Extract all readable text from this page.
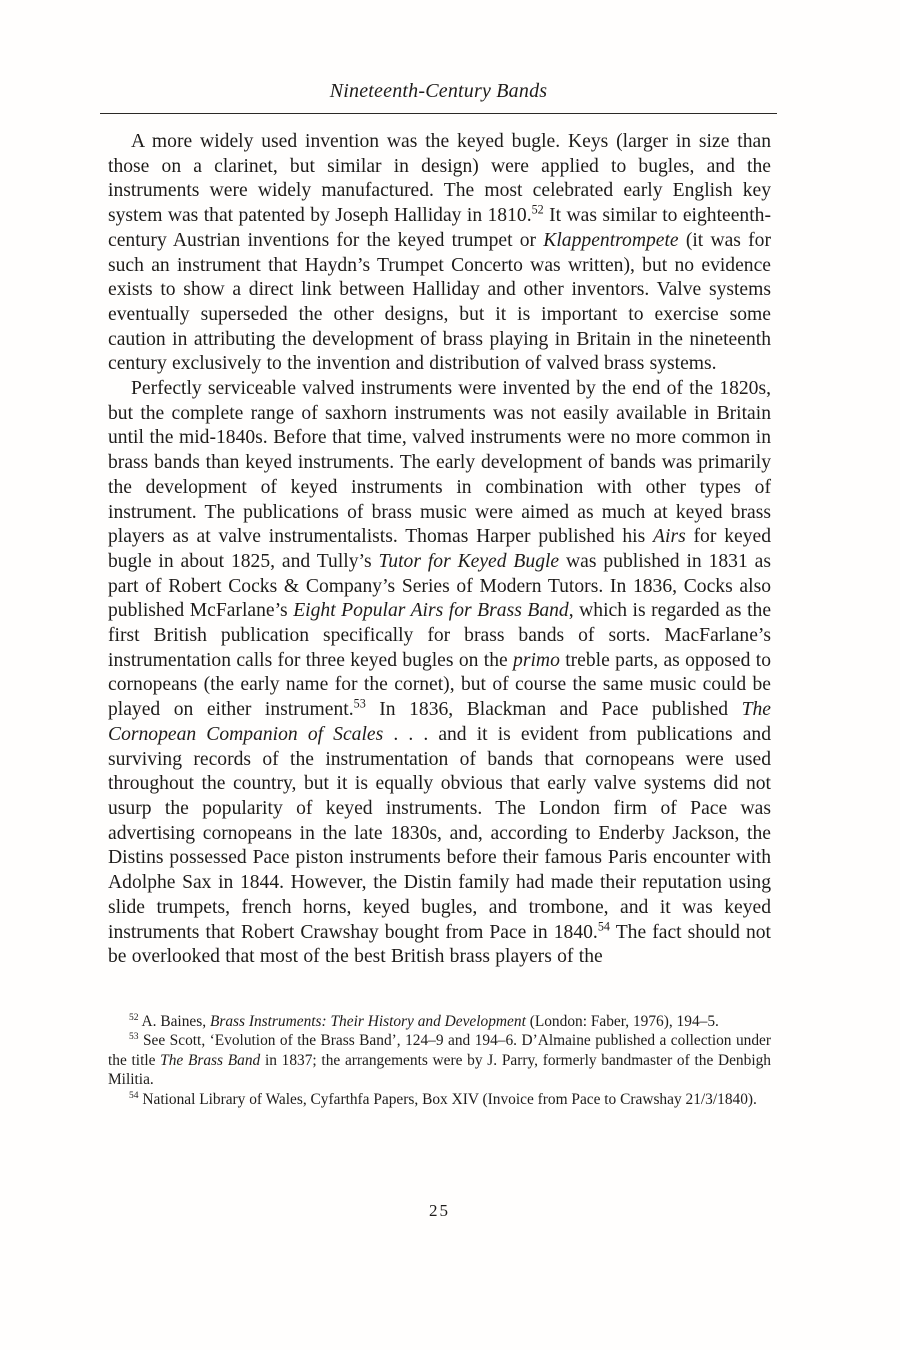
Nineteenth-Century Bands

A more widely used invention was the keyed bugle. Keys (larger in size than those on a clarinet, but similar in design) were applied to bugles, and the instruments were widely manufactured. The most celebrated early English key system was that patented by Joseph Halliday in 1810.52 It was similar to eighteenth-century Austrian inventions for the keyed trumpet or Klappentrompete (it was for such an instrument that Haydn’s Trumpet Concerto was written), but no evidence exists to show a direct link between Halliday and other inventors. Valve systems eventually superseded the other designs, but it is important to exercise some caution in attributing the development of brass playing in Britain in the nineteenth century exclusively to the invention and distribution of valved brass systems.

Perfectly serviceable valved instruments were invented by the end of the 1820s, but the complete range of saxhorn instruments was not easily available in Britain until the mid-1840s. Before that time, valved instruments were no more common in brass bands than keyed instruments. The early development of bands was primarily the development of keyed instruments in combination with other types of instrument. The publications of brass music were aimed as much at keyed brass players as at valve instrumentalists. Thomas Harper published his Airs for keyed bugle in about 1825, and Tully’s Tutor for Keyed Bugle was published in 1831 as part of Robert Cocks & Company’s Series of Modern Tutors. In 1836, Cocks also published McFarlane’s Eight Popular Airs for Brass Band, which is regarded as the first British publication specifically for brass bands of sorts. MacFarlane’s instrumentation calls for three keyed bugles on the primo treble parts, as opposed to cornopeans (the early name for the cornet), but of course the same music could be played on either instrument.$^{53}$ In 1836, Blackman and Pace published The Cornopean Companion of Scales . . . and it is evident from publications and surviving records of the instrumentation of bands that cornopeans were used throughout the country, but it is equally obvious that early valve systems did not usurp the popularity of keyed instruments. The London firm of Pace was advertising cornopeans in the late 1830s, and, according to Enderby Jackson, the Distins possessed Pace piston instruments before their famous Paris encounter with Adolphe Sax in 1844. However, the Distin family had made their reputation using slide trumpets, french horns, keyed bugles, and trombone, and it was keyed instruments that Robert Crawshay bought from Pace in 1840.54 The fact should not be overlooked that most of the best British brass players of the

$^{52}$ A. Baines, Brass Instruments: Their History and Development (London: Faber, 1976), 194–5.

$^{53}$ See Scott, ‘Evolution of the Brass Band’, 124–9 and 194–6. D’Almaine published a collection under the title The Brass Band in 1837; the arrangements were by J. Parry, formerly bandmaster of the Denbigh Militia.

$^{54}$ National Library of Wales, Cyfarthfa Papers, Box XIV (Invoice from Pace to Crawshay 21/3/1840).

25
